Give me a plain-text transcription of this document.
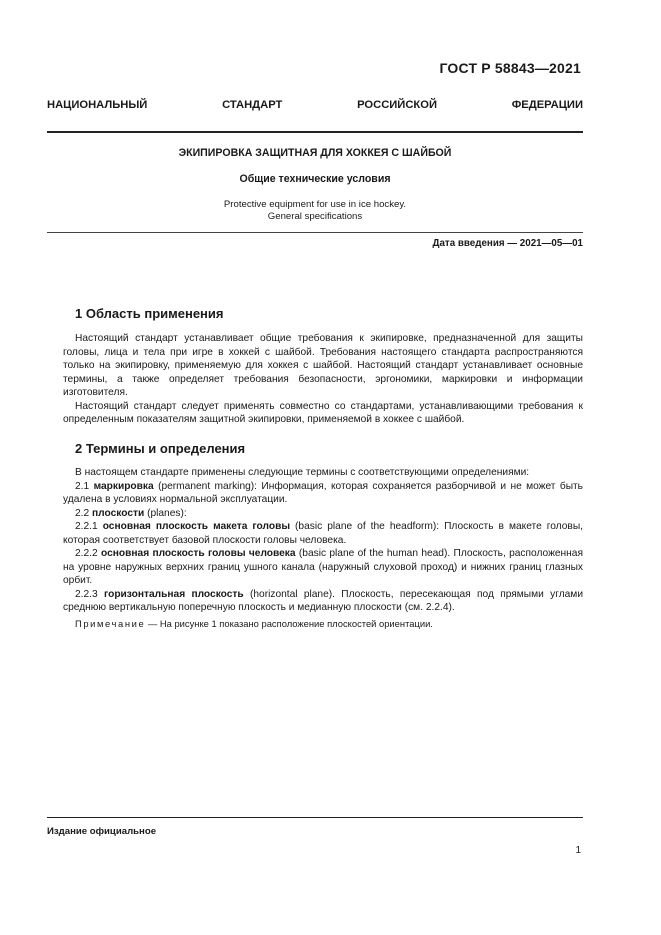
ГОСТ Р 58843—2021
НАЦИОНАЛЬНЫЙ СТАНДАРТ РОССИЙСКОЙ ФЕДЕРАЦИИ
ЭКИПИРОВКА ЗАЩИТНАЯ ДЛЯ ХОККЕЯ С ШАЙБОЙ
Общие технические условия
Protective equipment for use in ice hockey.
General specifications
Дата введения — 2021—05—01
1 Область применения

Настоящий стандарт устанавливает общие требования к экипировке, предназначенной для защиты головы, лица и тела при игре в хоккей с шайбой. Требования настоящего стандарта распространяются только на экипировку, применяемую для хоккея с шайбой. Настоящий стандарт устанавливает основные термины, а также определяет требования безопасности, эргономики, маркировки и информации изготовителя.

Настоящий стандарт следует применять совместно со стандартами, устанавливающими требования к определенным показателям защитной экипировки, применяемой в хоккее с шайбой.

2 Термины и определения

В настоящем стандарте применены следующие термины с соответствующими определениями:

2.1 маркировка (permanent marking): Информация, которая сохраняется разборчивой и не может быть удалена в условиях нормальной эксплуатации.

2.2 плоскости (planes):

2.2.1 основная плоскость макета головы (basic plane of the headform): Плоскость в макете головы, которая соответствует базовой плоскости головы человека.

2.2.2 основная плоскость головы человека (basic plane of the human head). Плоскость, расположенная на уровне наружных верхних границ ушного канала (наружный слуховой проход) и нижних границ глазных орбит.

2.2.3 горизонтальная плоскость (horizontal plane). Плоскость, пересекающая под прямыми углами среднюю вертикальную поперечную плоскость и медианную плоскости (см. 2.2.4).

Примечание — На рисунке 1 показано расположение плоскостей ориентации.
Издание официальное
1
